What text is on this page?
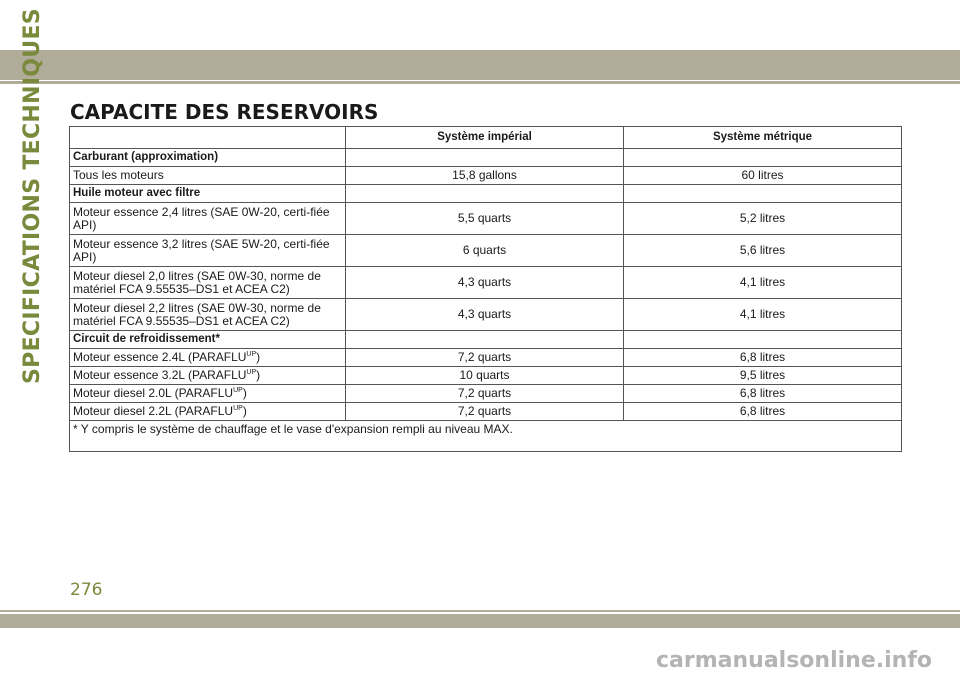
SPECIFICATIONS TECHNIQUES CAPACITE DES RESERVOIRS
	Système impérial	Système métrique
Carburant (approximation)		
Tous les moteurs	15,8 gallons	60 litres
Huile moteur avec filtre		
Moteur essence 2,4 litres (SAE 0W-20, certi-fiée API)	5,5 quarts	5,2 litres
Moteur essence 3,2 litres (SAE 5W-20, certi-fiée API)	6 quarts	5,6 litres
Moteur diesel 2,0 litres (SAE 0W-30, norme de matériel FCA 9.55535–DS1 et ACEA C2)	4,3 quarts	4,1 litres
Moteur diesel 2,2 litres (SAE 0W-30, norme de matériel FCA 9.55535–DS1 et ACEA C2)	4,3 quarts	4,1 litres
Circuit de refroidissement*		
Moteur essence 2.4L $(PARAFLU^{UP})$	7,2 quarts	6,8 litres
Moteur essence 3.2L $(PARAFLU^{UP})$	10 quarts	9,5 litres
Moteur diesel 2.0L $(PARAFLU^{UP})$	7,2 quarts	6,8 litres
Moteur diesel 2.2L $(PARAFLU^{UP})$	7,2 quarts	6,8 litres
* Y compris le système de chauffage et le vase d'expansion rempli au niveau MAX.		
276
carmanualsonline.info
